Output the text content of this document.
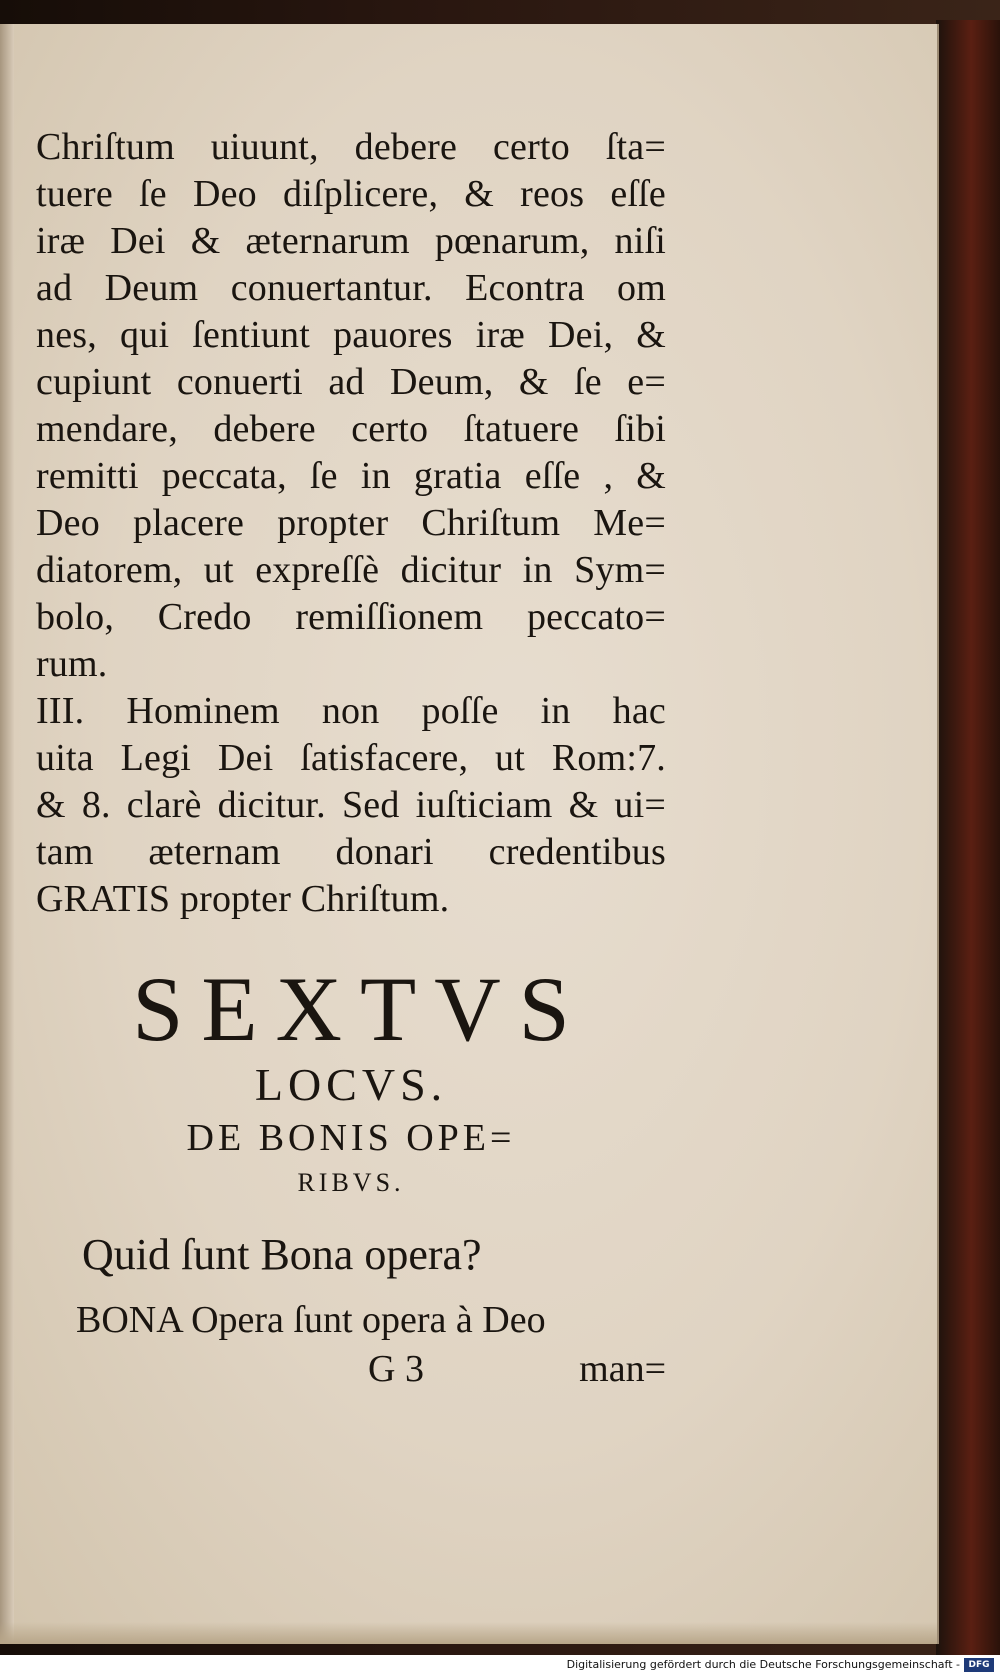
Chriſtum uiuunt, debere certo ſta=
tuere ſe Deo diſplicere, & reos eſſe
iræ Dei & æternarum pœnarum, niſi
ad Deum conuertantur. Econtra om
nes, qui ſentiunt pauores iræ Dei, &
cupiunt conuerti ad Deum, & ſe e=
mendare, debere certo ſtatuere ſibi
remitti peccata, ſe in gratia eſſe , &
Deo placere propter Chriſtum Me=
diatorem, ut expreſſè dicitur in Sym=
bolo, Credo remiſſionem peccato=
rum.
III. Hominem non poſſe in hac
uita Legi Dei ſatisfacere, ut Rom:7.
& 8. clarè dicitur. Sed iuſticiam & ui=
tam æternam donari credentibus
GRATIS propter Chriſtum.
SEXTVS
LOCVS.
DE BONIS OPE=
RIBVS.
Quid ſunt Bona opera?
BONA Opera ſunt opera à Deo
G 3	man=
Digitalisierung gefördert durch die Deutsche Forschungsgemeinschaft - DFG
